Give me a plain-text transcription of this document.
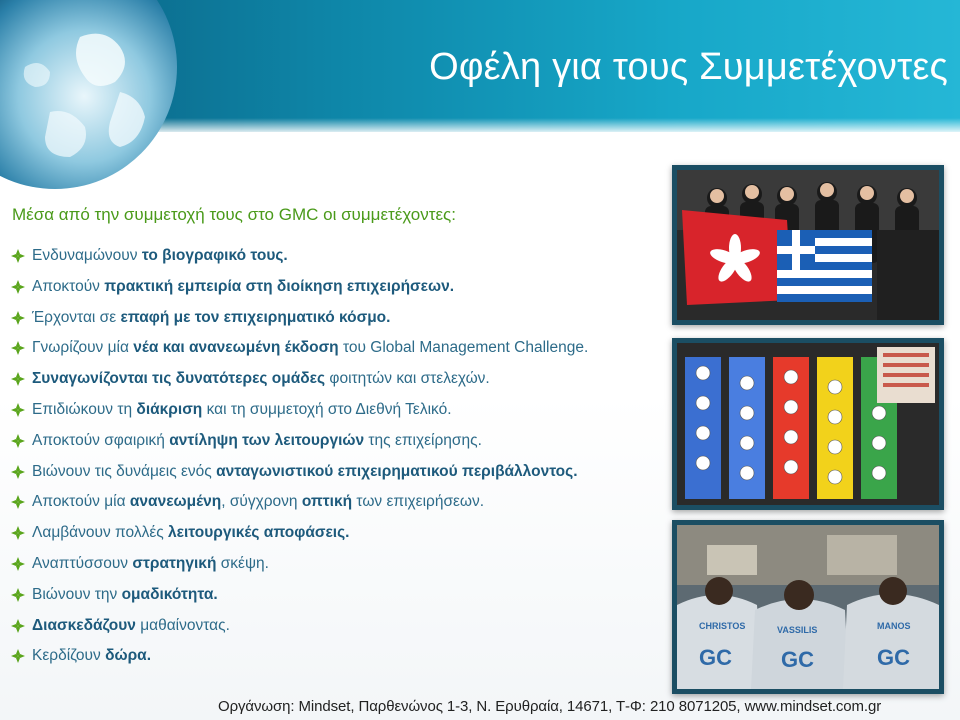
Οφέλη για τους Συμμετέχοντες
Μέσα από την συμμετοχή τους στο GMC οι συμμετέχοντες:
Ενδυναμώνουν το βιογραφικό τους.
Αποκτούν πρακτική εμπειρία στη διοίκηση επιχειρήσεων.
Έρχονται σε επαφή με τον επιχειρηματικό κόσμο.
Γνωρίζουν μία νέα και ανανεωμένη έκδοση του Global Management Challenge.
Συναγωνίζονται τις δυνατότερες ομάδες φοιτητών και στελεχών.
Επιδιώκουν τη διάκριση και τη συμμετοχή στο Διεθνή Τελικό.
Αποκτούν σφαιρική αντίληψη των λειτουργιών της επιχείρησης.
Βιώνουν τις δυνάμεις ενός ανταγωνιστικού επιχειρηματικού περιβάλλοντος.
Αποκτούν μία ανανεωμένη, σύγχρονη οπτική των επιχειρήσεων.
Λαμβάνουν πολλές λειτουργικές αποφάσεις.
Αναπτύσσουν στρατηγική σκέψη.
Βιώνουν την ομαδικότητα.
Διασκεδάζουν μαθαίνοντας.
Κερδίζουν δώρα.
CHRISTOS	VASSILIS	MANOS
GC GC	GC
Οργάνωση: Mindset, Παρθενώνος 1-3, Ν. Ερυθραία, 14671, Τ-Φ: 210 8071205, www.mindset.com.gr
